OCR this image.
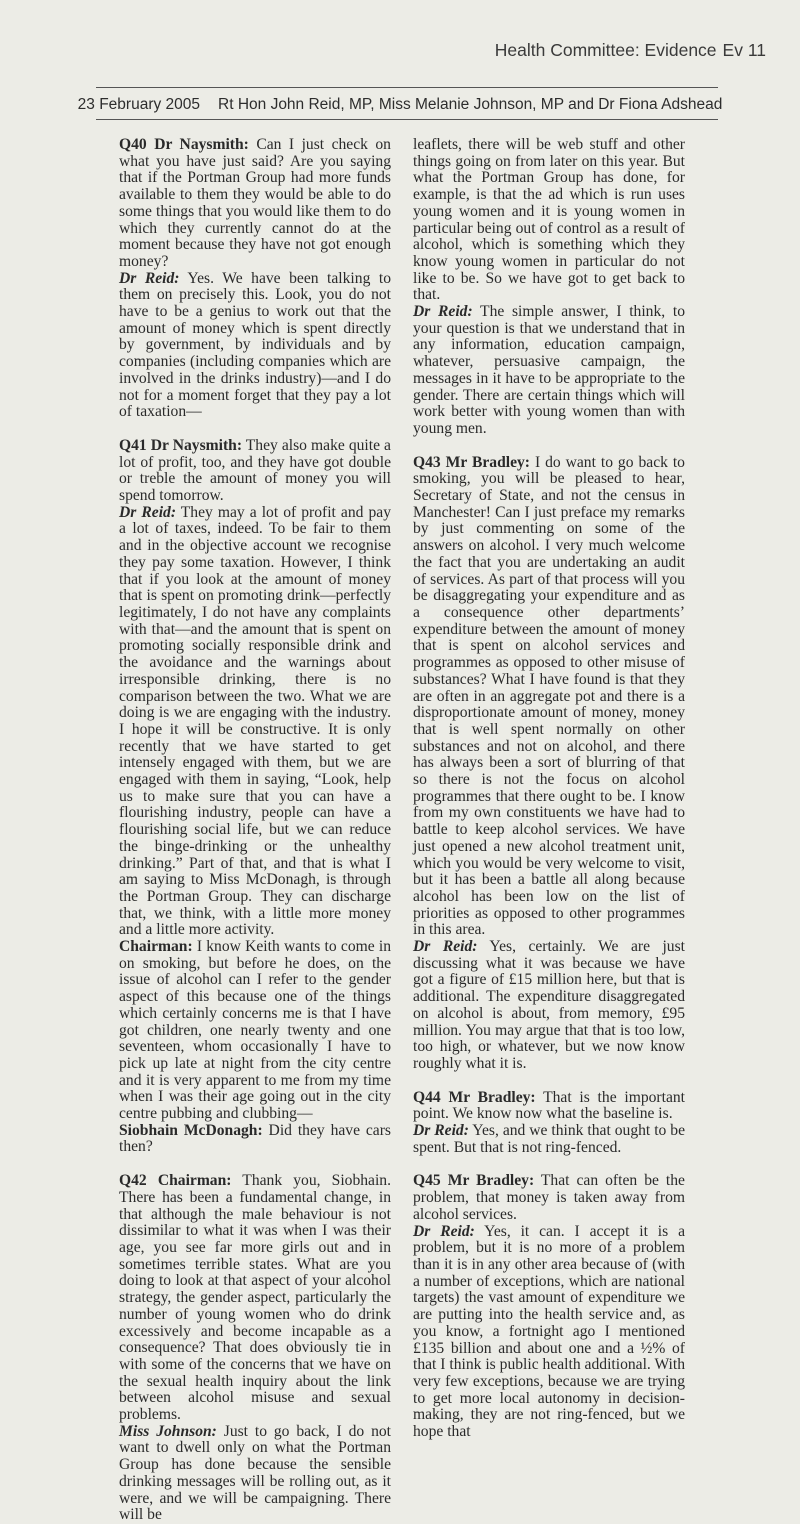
Health Committee: Evidence Ev 11
23 February 2005 Rt Hon John Reid, MP, Miss Melanie Johnson, MP and Dr Fiona Adshead

Q40 Dr Naysmith: Can I just check on what you have just said? Are you saying that if the Portman Group had more funds available to them they would be able to do some things that you would like them to do which they currently cannot do at the moment because they have not got enough money?

Dr Reid: Yes. We have been talking to them on precisely this. Look, you do not have to be a genius to work out that the amount of money which is spent directly by government, by individuals and by companies (including companies which are involved in the drinks industry)—and I do not for a moment forget that they pay a lot of taxation—

Q41 Dr Naysmith: They also make quite a lot of profit, too, and they have got double or treble the amount of money you will spend tomorrow.

Dr Reid: They may a lot of profit and pay a lot of taxes, indeed. To be fair to them and in the objective account we recognise they pay some taxation. However, I think that if you look at the amount of money that is spent on promoting drink—perfectly legitimately, I do not have any complaints with that—and the amount that is spent on promoting socially responsible drink and the avoidance and the warnings about irresponsible drinking, there is no comparison between the two. What we are doing is we are engaging with the industry. I hope it will be constructive. It is only recently that we have started to get intensely engaged with them, but we are engaged with them in saying, “Look, help us to make sure that you can have a flourishing industry, people can have a flourishing social life, but we can reduce the binge-drinking or the unhealthy drinking.” Part of that, and that is what I am saying to Miss McDonagh, is through the Portman Group. They can discharge that, we think, with a little more money and a little more activity.

Chairman: I know Keith wants to come in on smoking, but before he does, on the issue of alcohol can I refer to the gender aspect of this because one of the things which certainly concerns me is that I have got children, one nearly twenty and one seventeen, whom occasionally I have to pick up late at night from the city centre and it is very apparent to me from my time when I was their age going out in the city centre pubbing and clubbing—

Siobhain McDonagh: Did they have cars then?

Q42 Chairman: Thank you, Siobhain. There has been a fundamental change, in that although the male behaviour is not dissimilar to what it was when I was their age, you see far more girls out and in sometimes terrible states. What are you doing to look at that aspect of your alcohol strategy, the gender aspect, particularly the number of young women who do drink excessively and become incapable as a consequence? That does obviously tie in with some of the concerns that we have on the sexual health inquiry about the link between alcohol misuse and sexual problems.

Miss Johnson: Just to go back, I do not want to dwell only on what the Portman Group has done because the sensible drinking messages will be rolling out, as it were, and we will be campaigning. There will be

leaflets, there will be web stuff and other things going on from later on this year. But what the Portman Group has done, for example, is that the ad which is run uses young women and it is young women in particular being out of control as a result of alcohol, which is something which they know young women in particular do not like to be. So we have got to get back to that.

Dr Reid: The simple answer, I think, to your question is that we understand that in any information, education campaign, whatever, persuasive campaign, the messages in it have to be appropriate to the gender. There are certain things which will work better with young women than with young men.

Q43 Mr Bradley: I do want to go back to smoking, you will be pleased to hear, Secretary of State, and not the census in Manchester! Can I just preface my remarks by just commenting on some of the answers on alcohol. I very much welcome the fact that you are undertaking an audit of services. As part of that process will you be disaggregating your expenditure and as a consequence other departments’ expenditure between the amount of money that is spent on alcohol services and programmes as opposed to other misuse of substances? What I have found is that they are often in an aggregate pot and there is a disproportionate amount of money, money that is well spent normally on other substances and not on alcohol, and there has always been a sort of blurring of that so there is not the focus on alcohol programmes that there ought to be. I know from my own constituents we have had to battle to keep alcohol services. We have just opened a new alcohol treatment unit, which you would be very welcome to visit, but it has been a battle all along because alcohol has been low on the list of priorities as opposed to other programmes in this area.

Dr Reid: Yes, certainly. We are just discussing what it was because we have got a figure of £15 million here, but that is additional. The expenditure disaggregated on alcohol is about, from memory, £95 million. You may argue that that is too low, too high, or whatever, but we now know roughly what it is.

Q44 Mr Bradley: That is the important point. We know now what the baseline is.

Dr Reid: Yes, and we think that ought to be spent. But that is not ring-fenced.

Q45 Mr Bradley: That can often be the problem, that money is taken away from alcohol services.

Dr Reid: Yes, it can. I accept it is a problem, but it is no more of a problem than it is in any other area because of (with a number of exceptions, which are national targets) the vast amount of expenditure we are putting into the health service and, as you know, a fortnight ago I mentioned £135 billion and about one and a ½% of that I think is public health additional. With very few exceptions, because we are trying to get more local autonomy in decision-making, they are not ring-fenced, but we hope that
